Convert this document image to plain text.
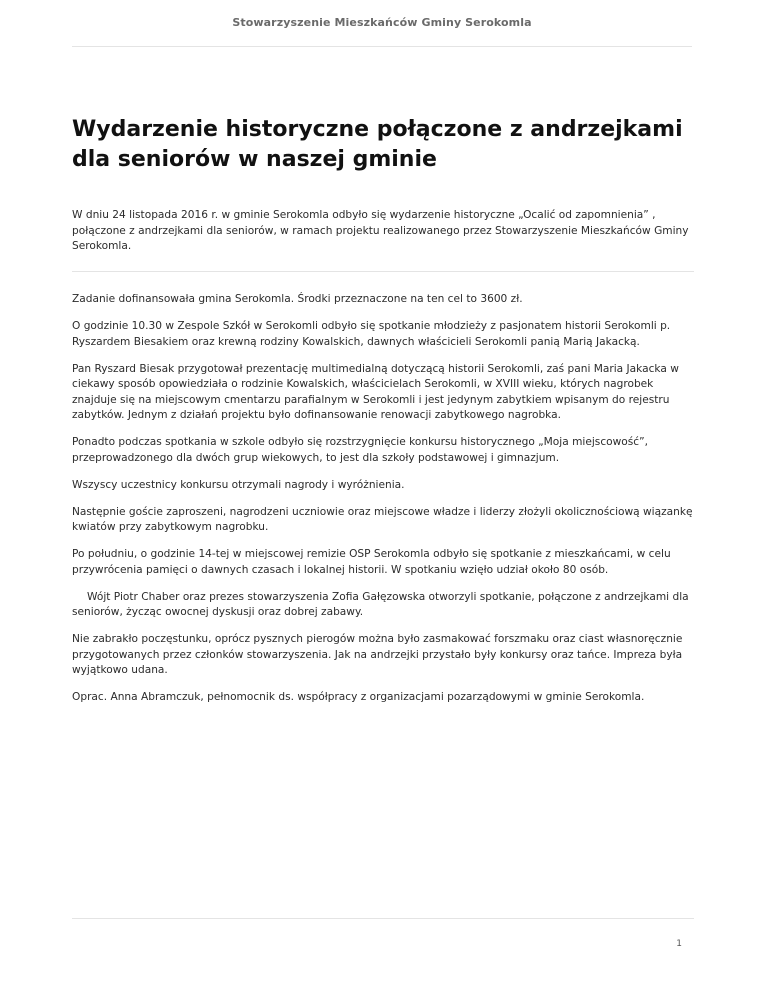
Stowarzyszenie Mieszkańców Gminy Serokomla
Wydarzenie historyczne połączone z andrzejkami dla seniorów w naszej gminie

W dniu 24 listopada 2016 r. w gminie Serokomla odbyło się wydarzenie historyczne „Ocalić od zapomnienia” , połączone z andrzejkami dla seniorów, w ramach projektu realizowanego przez Stowarzyszenie Mieszkańców Gminy Serokomla.

Zadanie dofinansowała gmina Serokomla. Środki przeznaczone na ten cel to 3600 zł.

O godzinie 10.30 w Zespole Szkół w Serokomli odbyło się spotkanie młodzieży z pasjonatem historii Serokomli p. Ryszardem Biesakiem oraz krewną rodziny Kowalskich, dawnych właścicieli Serokomli panią Marią Jakacką.

Pan Ryszard Biesak przygotował prezentację multimedialną dotyczącą historii Serokomli, zaś pani Maria Jakacka w ciekawy sposób opowiedziała o rodzinie Kowalskich, właścicielach Serokomli, w XVIII wieku, których nagrobek znajduje się na miejscowym cmentarzu parafialnym w Serokomli i jest jedynym zabytkiem wpisanym do rejestru zabytków. Jednym z działań projektu było dofinansowanie renowacji zabytkowego nagrobka.

Ponadto podczas spotkania w szkole odbyło się rozstrzygnięcie konkursu historycznego „Moja miejscowość”, przeprowadzonego dla dwóch grup wiekowych, to jest dla szkoły podstawowej i gimnazjum.

Wszyscy uczestnicy konkursu otrzymali nagrody i wyróżnienia.

Następnie goście zaproszeni, nagrodzeni uczniowie oraz miejscowe władze i liderzy złożyli okolicznościową wiązankę kwiatów przy zabytkowym nagrobku.

Po południu, o godzinie 14-tej w miejscowej remizie OSP Serokomla odbyło się spotkanie z mieszkańcami, w celu przywrócenia pamięci o dawnych czasach i lokalnej historii. W spotkaniu wzięło udział około 80 osób.

Wójt Piotr Chaber oraz prezes stowarzyszenia Zofia Gałęzowska otworzyli spotkanie, połączone z andrzejkami dla seniorów, życząc owocnej dyskusji oraz dobrej zabawy.

Nie zabrakło poczęstunku, oprócz pysznych pierogów można było zasmakować forszmaku oraz ciast własnoręcznie przygotowanych przez członków stowarzyszenia. Jak na andrzejki przystało były konkursy oraz tańce. Impreza była wyjątkowo udana.

Oprac. Anna Abramczuk, pełnomocnik ds. współpracy z organizacjami pozarządowymi w gminie Serokomla.

1
